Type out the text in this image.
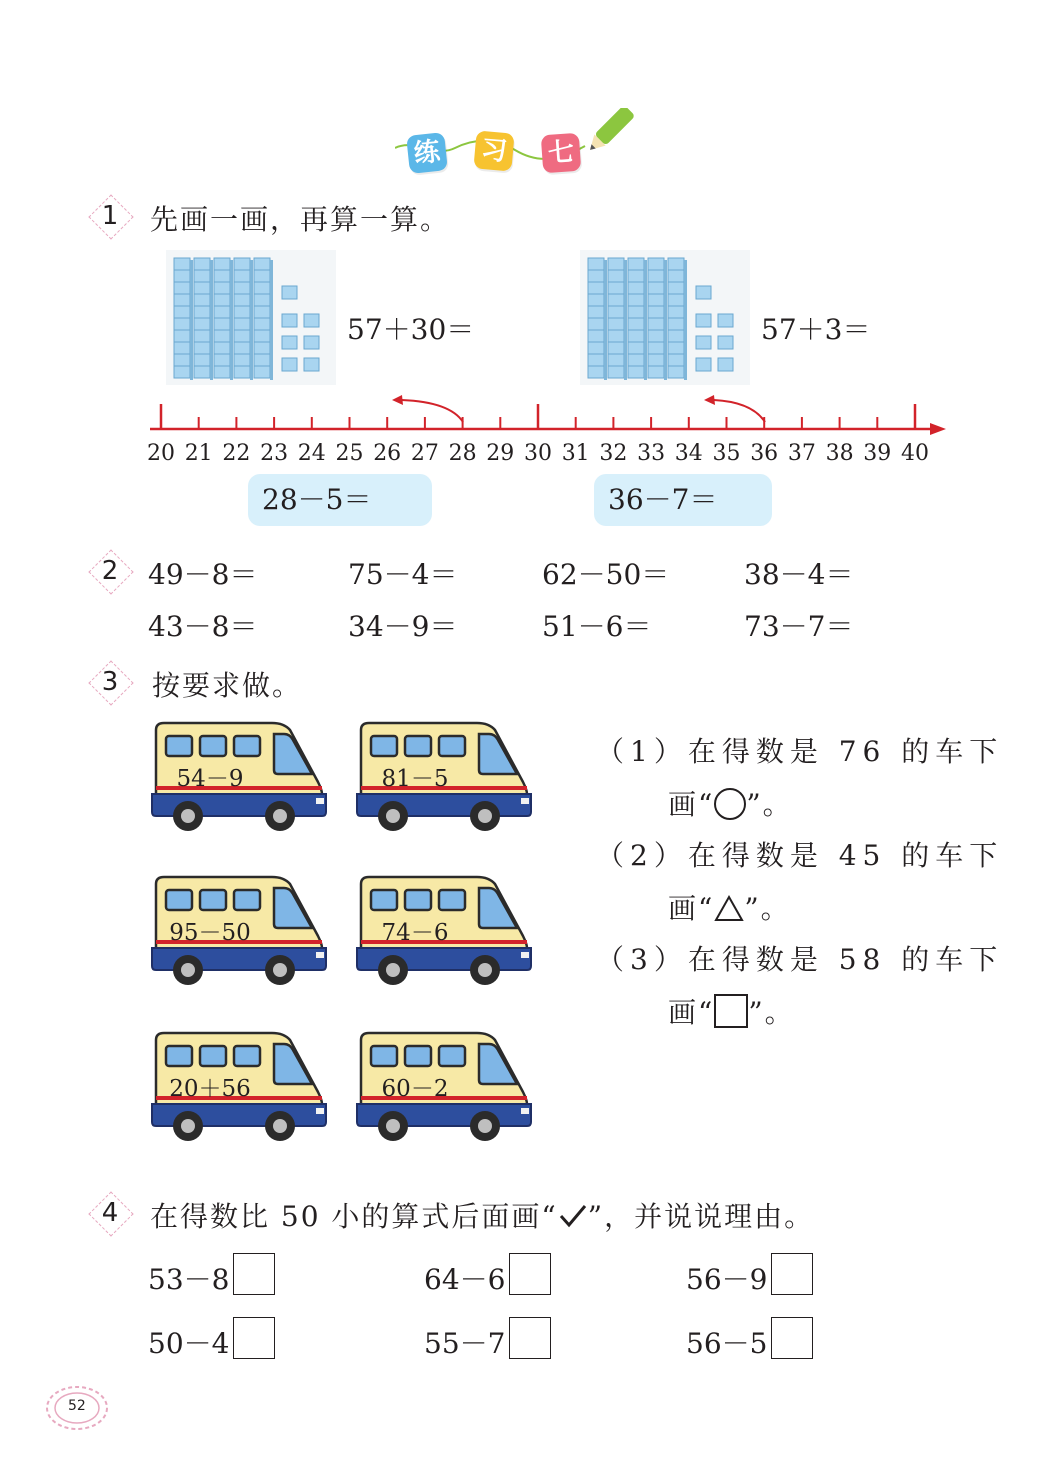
练 习 七
1	先画一画，再算一算。
57＋30＝	57＋3＝
20 21 22 23 24 25 26 27 28 29 30 31 32 33 34 35 36 37 38 39 40
28－5＝	36－7＝
2	49－8＝	75－4＝	62－50＝	38－4＝
43－8＝	34－9＝	51－6＝	73－7＝
3	按要求做。
54－9	81－5
95－50	74－6
20＋56	60－2
（1）在得数是 76 的车下
画“ ”。
（2）在得数是 45 的车下
画“ ”。
（3）在得数是 58 的车下
画“ ”。
4	在得数比 50 小的算式后面画“ ”，并说说理由。
53－8	64－6	56－9
50－4	55－7	56－5
52
